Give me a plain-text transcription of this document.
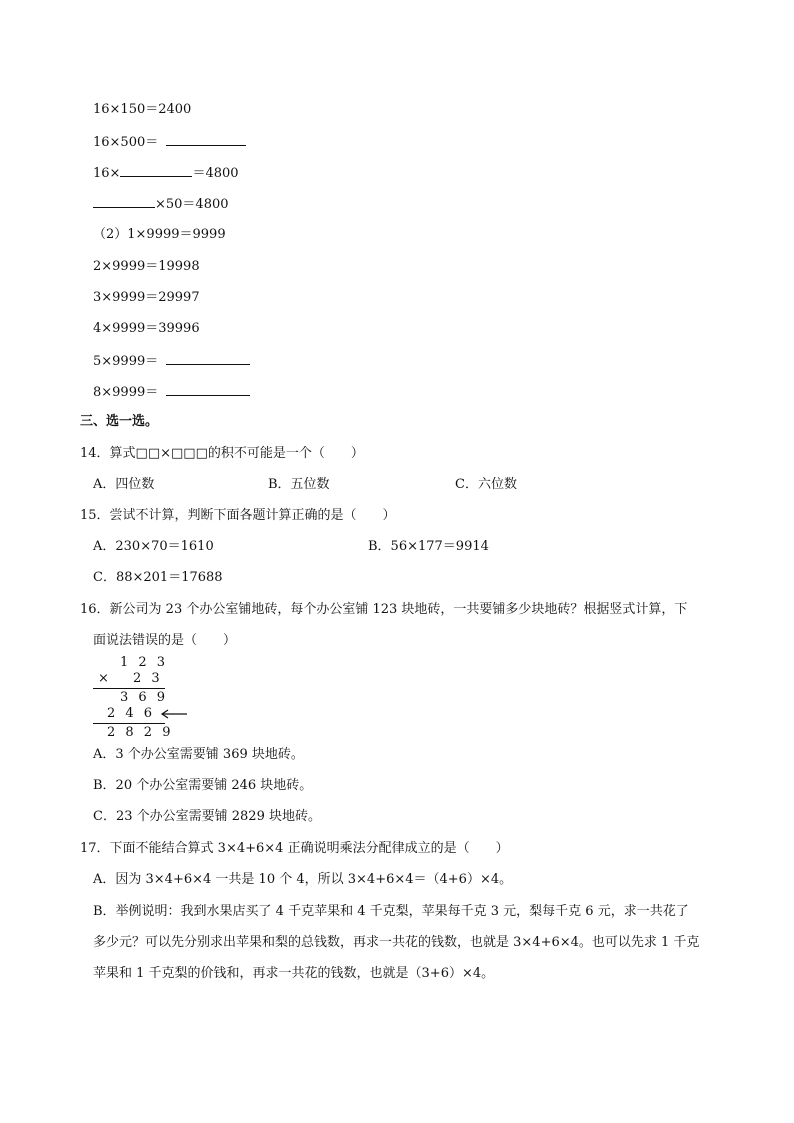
16×150＝2400
16×500＝
16×	＝4800
×50＝4800
（2）1×9999＝9999
2×9999＝19998
3×9999＝29997
4×9999＝39996
5×9999＝
8×9999＝
三、选一选。
14．算式□□×□□□的积不可能是一个（　　）
A．四位数	B．五位数	C．六位数
15．尝试不计算，判断下面各题计算正确的是（　　）
A．230×70＝1610	B．56×177＝9914
C．88×201＝17688
16．新公司为 23 个办公室铺地砖，每个办公室铺 123 块地砖，一共要铺多少块地砖？根据竖式计算，下
面说法错误的是（　　）
1 2 3
× 2 3
3 6 9
2 4 6
2 8 2 9
A．3 个办公室需要铺 369 块地砖。
B．20 个办公室需要铺 246 块地砖。
C．23 个办公室需要铺 2829 块地砖。
17．下面不能结合算式 3×4+6×4 正确说明乘法分配律成立的是（　　）
A．因为 3×4+6×4 一共是 10 个 4，所以 3×4+6×4＝（4+6）×4。
B．举例说明：我到水果店买了 4 千克苹果和 4 千克梨，苹果每千克 3 元，梨每千克 6 元，求一共花了
多少元？可以先分别求出苹果和梨的总钱数，再求一共花的钱数，也就是 3×4+6×4。也可以先求 1 千克
苹果和 1 千克梨的价钱和，再求一共花的钱数，也就是（3+6）×4。
